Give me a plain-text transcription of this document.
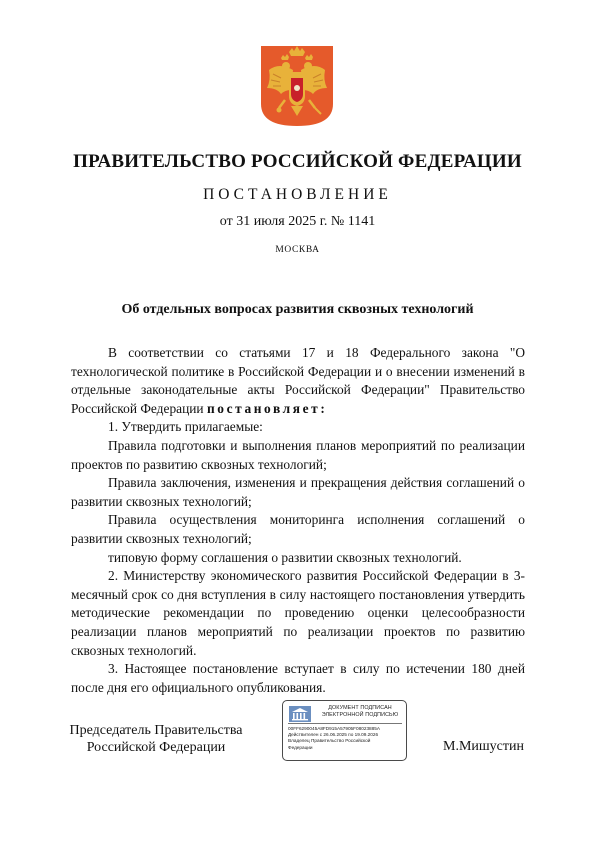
ПРАВИТЕЛЬСТВО РОССИЙСКОЙ ФЕДЕРАЦИИ
ПОСТАНОВЛЕНИЕ
от 31 июля 2025 г. № 1141
МОСКВА
Об отдельных вопросах развития сквозных технологий

В соответствии со статьями 17 и 18 Федерального закона "О технологической политике в Российской Федерации и о внесении изменений в отдельные законодательные акты Российской Федерации" Правительство Российской Федерации постановляет:

1. Утвердить прилагаемые:

Правила подготовки и выполнения планов мероприятий по реализации проектов по развитию сквозных технологий;

Правила заключения, изменения и прекращения действия соглашений о развитии сквозных технологий;

Правила осуществления мониторинга исполнения соглашений о развитии сквозных технологий;

типовую форму соглашения о развитии сквозных технологий.

2. Министерству экономического развития Российской Федерации в 3-месячный срок со дня вступления в силу настоящего постановления утвердить методические рекомендации по проведению оценки целесообразности реализации планов мероприятий по реализации проектов по развитию сквозных технологий.

3. Настоящее постановление вступает в силу по истечении 180 дней после дня его официального опубликования.

Председатель Правительства
Российской Федерации
ДОКУМЕНТ ПОДПИСАН
ЭЛЕКТРОННОЙ ПОДПИСЬЮ
00FF6290045A8FD915A57905F08023885A
Действителен с 26.06.2025 по 19.09.2026
Владелец Правительство Российской
Федерации	М.Мишустин
